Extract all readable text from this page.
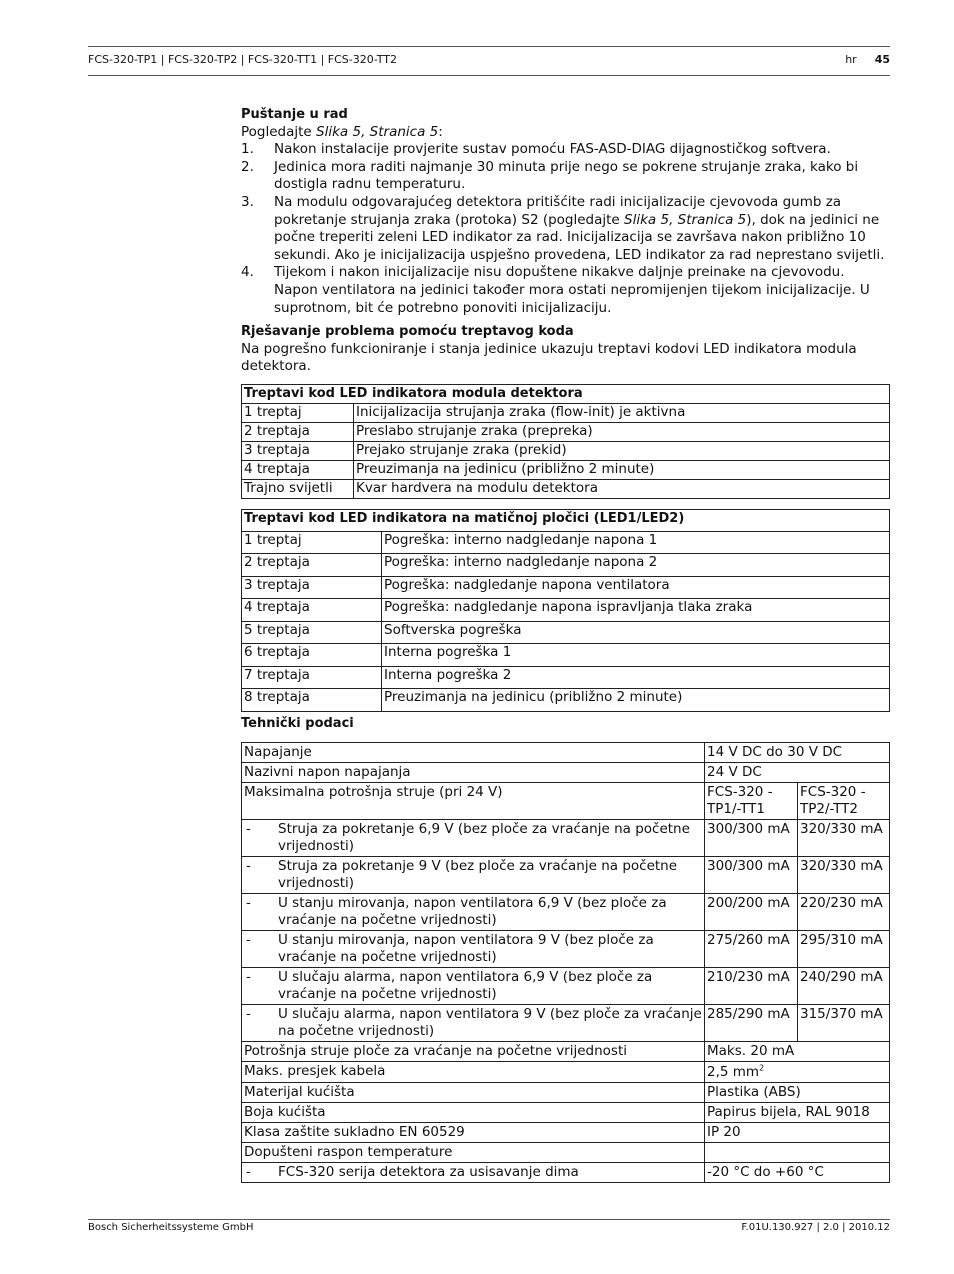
FCS-320-TP1 | FCS-320-TP2 | FCS-320-TT1 | FCS-320-TT2	hr 45
Puštanje u rad

Pogledajte Slika 5, Stranica 5:

1. Nakon instalacije provjerite sustav pomoću FAS-ASD-DIAG dijagnostičkog softvera.
2. Jedinica mora raditi najmanje 30 minuta prije nego se pokrene strujanje zraka, kako bi dostigla radnu temperaturu.
3. Na modulu odgovarajućeg detektora pritišćite radi inicijalizacije cjevovoda gumb za pokretanje strujanja zraka (protoka) S2 (pogledajte Slika 5, Stranica 5), dok na jedinici ne počne treperiti zeleni LED indikator za rad. Inicijalizacija se završava nakon približno 10 sekundi. Ako je inicijalizacija uspješno provedena, LED indikator za rad neprestano svijetli.
4. Tijekom i nakon inicijalizacije nisu dopuštene nikakve daljnje preinake na cjevovodu. Napon ventilatora na jedinici također mora ostati nepromijenjen tijekom inicijalizacije. U suprotnom, bit će potrebno ponoviti inicijalizaciju.
Rješavanje problema pomoću treptavog koda

Na pogrešno funkcioniranje i stanja jedinice ukazuju treptavi kodovi LED indikatora modula detektora.

Treptavi kod LED indikatora modula detektora	
1 treptaj	Inicijalizacija strujanja zraka (flow-init) je aktivna
2 treptaja	Preslabo strujanje zraka (prepreka)
3 treptaja	Prejako strujanje zraka (prekid)
4 treptaja	Preuzimanja na jedinicu (približno 2 minute)
Trajno svijetli	Kvar hardvera na modulu detektora
Treptavi kod LED indikatora na matičnoj pločici (LED1/LED2)	
1 treptaj	Pogreška: interno nadgledanje napona 1
2 treptaja	Pogreška: interno nadgledanje napona 2
3 treptaja	Pogreška: nadgledanje napona ventilatora
4 treptaja	Pogreška: nadgledanje napona ispravljanja tlaka zraka
5 treptaja	Softverska pogreška
6 treptaja	Interna pogreška 1
7 treptaja	Interna pogreška 2
8 treptaja	Preuzimanja na jedinicu (približno 2 minute)
Tehnički podaci
Napajanje	14 V DC do 30 V DC	
Nazivni napon napajanja	24 V DC	
Maksimalna potrošnja struje (pri 24 V)	FCS-320 -TP1/-TT1	FCS-320 -TP2/-TT2

- Struja za pokretanje 6,9 V (bez ploče za vraćanje na početne vrijednosti)	300/300 mA	320/330 mA

- Struja za pokretanje 9 V (bez ploče za vraćanje na početne vrijednosti)	300/300 mA	320/330 mA

- U stanju mirovanja, napon ventilatora 6,9 V (bez ploče za vraćanje na početne vrijednosti)	200/200 mA	220/230 mA

- U stanju mirovanja, napon ventilatora 9 V (bez ploče za vraćanje na početne vrijednosti)	275/260 mA	295/310 mA

- U slučaju alarma, napon ventilatora 6,9 V (bez ploče za vraćanje na početne vrijednosti)	210/230 mA	240/290 mA

- U slučaju alarma, napon ventilatora 9 V (bez ploče za vraćanje na početne vrijednosti)	285/290 mA	315/370 mA
Potrošnja struje ploče za vraćanje na početne vrijednosti	Maks. 20 mA	
Maks. presjek kabela	2,5 $mm^2$
Materijal kućišta	Plastika (ABS)	
Boja kućišta	Papirus bijela, RAL 9018	
Klasa zaštite sukladno EN 60529	IP 20	
Dopušteni raspon temperature		

- FCS-320 serija detektora za usisavanje dima	-20 °C do +60 °C	
Bosch Sicherheitssysteme GmbH	F.01U.130.927 | 2.0 | 2010.12
